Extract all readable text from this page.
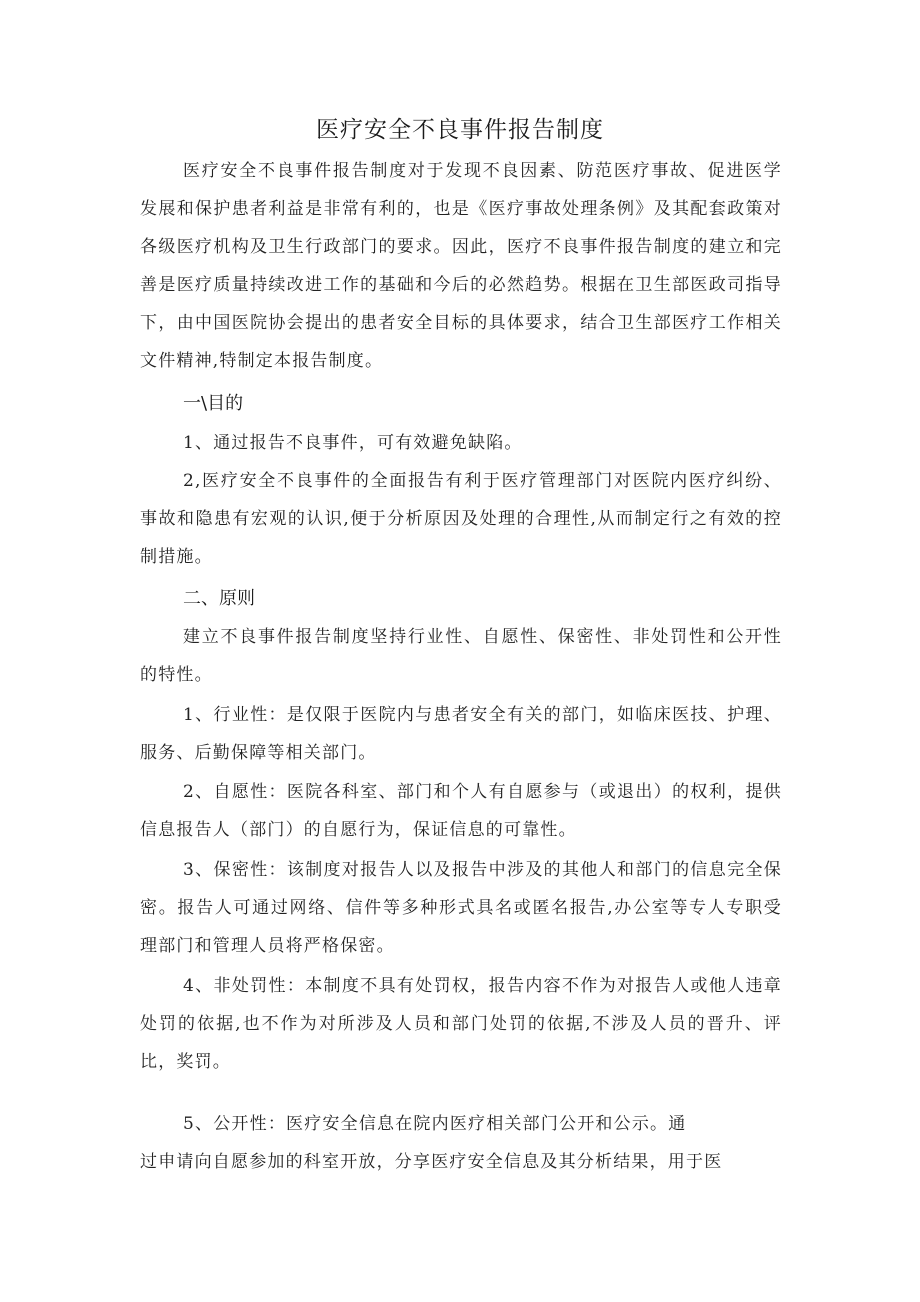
医疗安全不良事件报告制度

医疗安全不良事件报告制度对于发现不良因素、防范医疗事故、促进医学发展和保护患者利益是非常有利的，也是《医疗事故处理条例》及其配套政策对各级医疗机构及卫生行政部门的要求。因此，医疗不良事件报告制度的建立和完善是医疗质量持续改进工作的基础和今后的必然趋势。根据在卫生部医政司指导下，由中国医院协会提出的患者安全目标的具体要求，结合卫生部医疗工作相关文件精神,特制定本报告制度。

一\目的

1、通过报告不良事件，可有效避免缺陷。

2,医疗安全不良事件的全面报告有利于医疗管理部门对医院内医疗纠纷、事故和隐患有宏观的认识,便于分析原因及处理的合理性,从而制定行之有效的控制措施。

二、原则

建立不良事件报告制度坚持行业性、自愿性、保密性、非处罚性和公开性的特性。

1、行业性：是仅限于医院内与患者安全有关的部门，如临床医技、护理、服务、后勤保障等相关部门。

2、自愿性：医院各科室、部门和个人有自愿参与（或退出）的权利，提供信息报告人（部门）的自愿行为，保证信息的可靠性。

3、保密性：该制度对报告人以及报告中涉及的其他人和部门的信息完全保密。报告人可通过网络、信件等多种形式具名或匿名报告,办公室等专人专职受理部门和管理人员将严格保密。

4、非处罚性：本制度不具有处罚权，报告内容不作为对报告人或他人违章处罚的依据,也不作为对所涉及人员和部门处罚的依据,不涉及人员的晋升、评比，奖罚。

5、公开性：医疗安全信息在院内医疗相关部门公开和公示。通

过申请向自愿参加的科室开放，分享医疗安全信息及其分析结果，用于医
